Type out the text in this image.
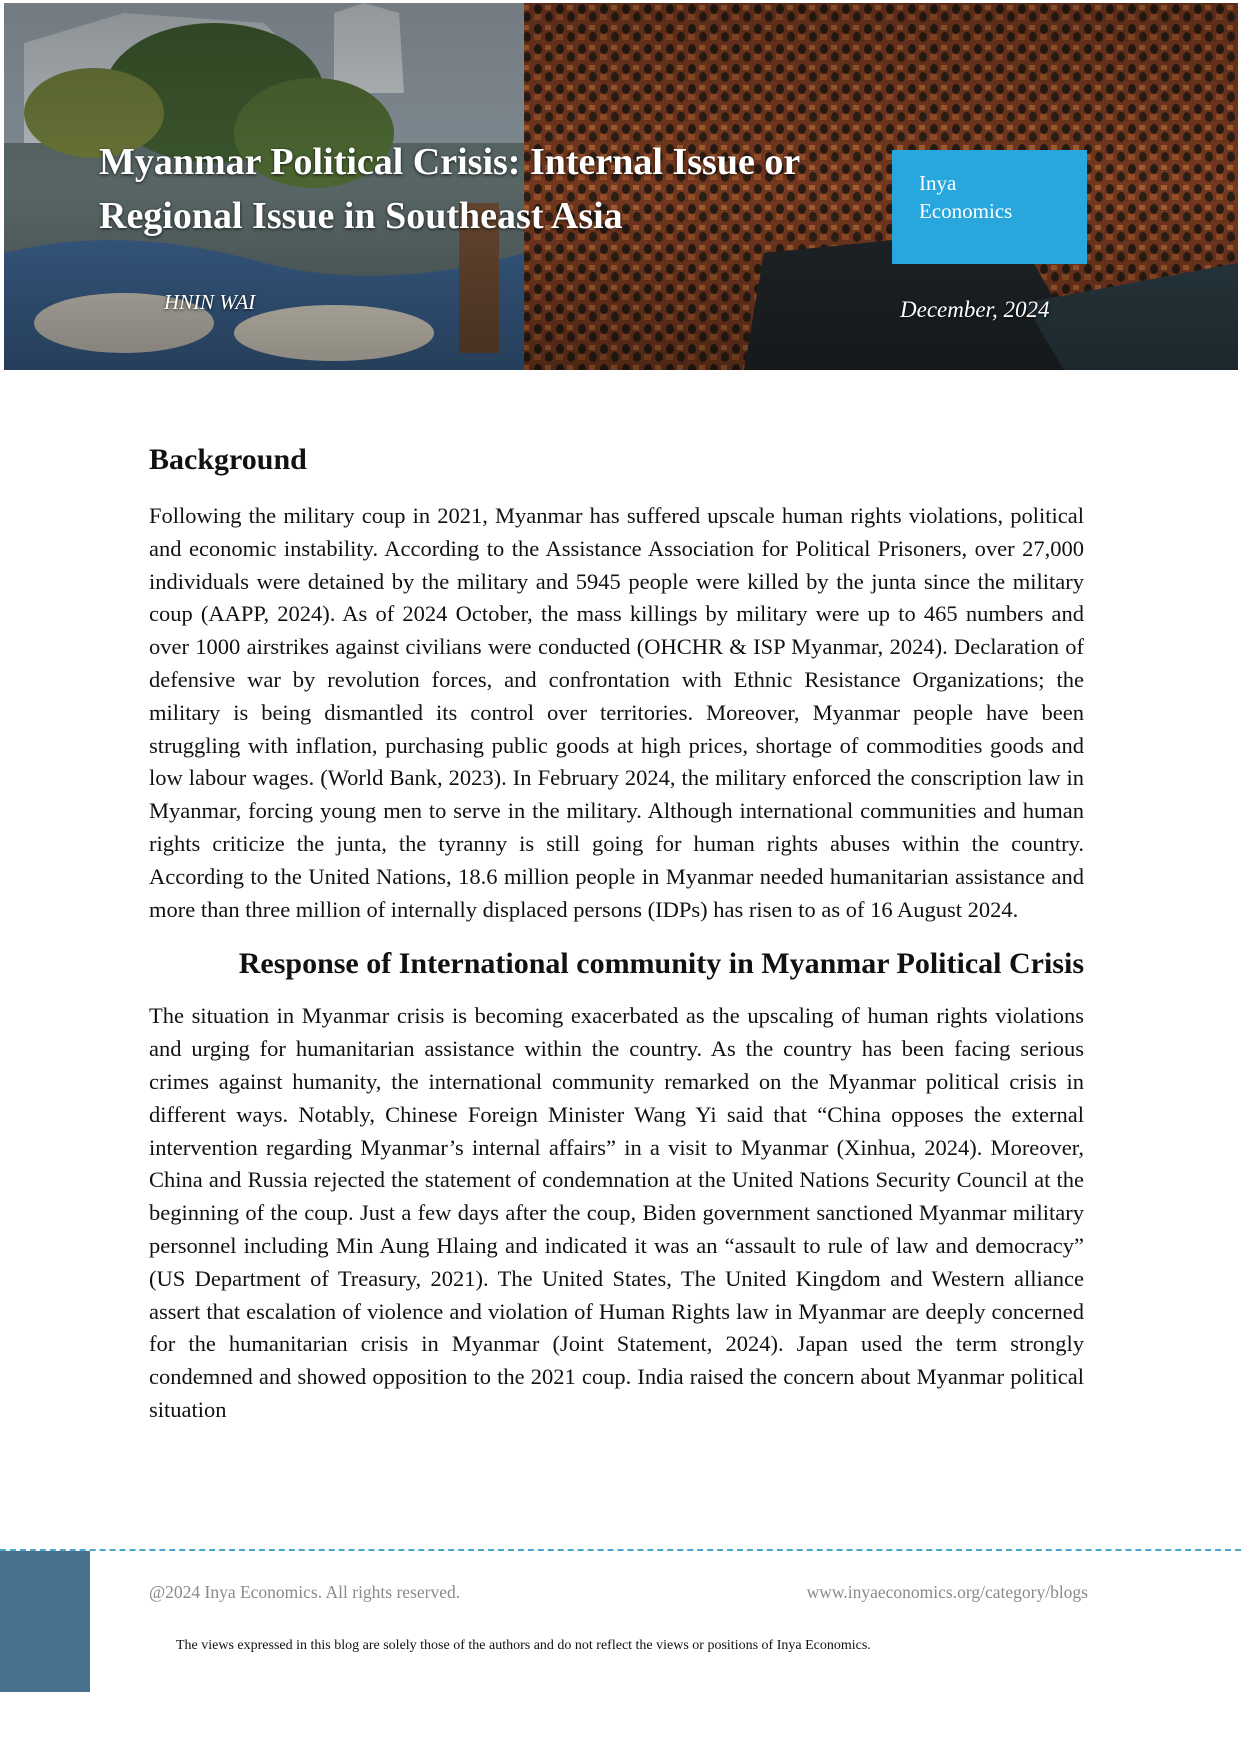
Myanmar Political Crisis: Internal Issue or Regional Issue in Southeast Asia
Inya
Economics
HNIN WAI	December, 2024
Background

Following the military coup in 2021, Myanmar has suffered upscale human rights violations, political and economic instability. According to the Assistance Association for Political Prisoners, over 27,000 individuals were detained by the military and 5945 people were killed by the junta since the military coup (AAPP, 2024). As of 2024 October, the mass killings by military were up to 465 numbers and over 1000 airstrikes against civilians were conducted (OHCHR & ISP Myanmar, 2024). Declaration of defensive war by revolution forces, and confrontation with Ethnic Resistance Organizations; the military is being dismantled its control over territories. Moreover, Myanmar people have been struggling with inflation, purchasing public goods at high prices, shortage of commodities goods and low labour wages. (World Bank, 2023). In February 2024, the military enforced the conscription law in Myanmar, forcing young men to serve in the military. Although international communities and human rights criticize the junta, the tyranny is still going for human rights abuses within the country. According to the United Nations, 18.6 million people in Myanmar needed humanitarian assistance and more than three million of internally displaced persons (IDPs) has risen to as of 16 August 2024.

Response of International community in Myanmar Political Crisis

The situation in Myanmar crisis is becoming exacerbated as the upscaling of human rights violations and urging for humanitarian assistance within the country. As the country has been facing serious crimes against humanity, the international community remarked on the Myanmar political crisis in different ways. Notably, Chinese Foreign Minister Wang Yi said that “China opposes the external intervention regarding Myanmar’s internal affairs” in a visit to Myanmar (Xinhua, 2024). Moreover, China and Russia rejected the statement of condemnation at the United Nations Security Council at the beginning of the coup. Just a few days after the coup, Biden government sanctioned Myanmar military personnel including Min Aung Hlaing and indicated it was an “assault to rule of law and democracy” (US Department of Treasury, 2021). The United States, The United Kingdom and Western alliance assert that escalation of violence and violation of Human Rights law in Myanmar are deeply concerned for the humanitarian crisis in Myanmar (Joint Statement, 2024). Japan used the term strongly condemned and showed opposition to the 2021 coup. India raised the concern about Myanmar political situation

@2024 Inya Economics. All rights reserved.	www.inyaeconomics.org/category/blogs
The views expressed in this blog are solely those of the authors and do not reflect the views or positions of Inya Economics.
